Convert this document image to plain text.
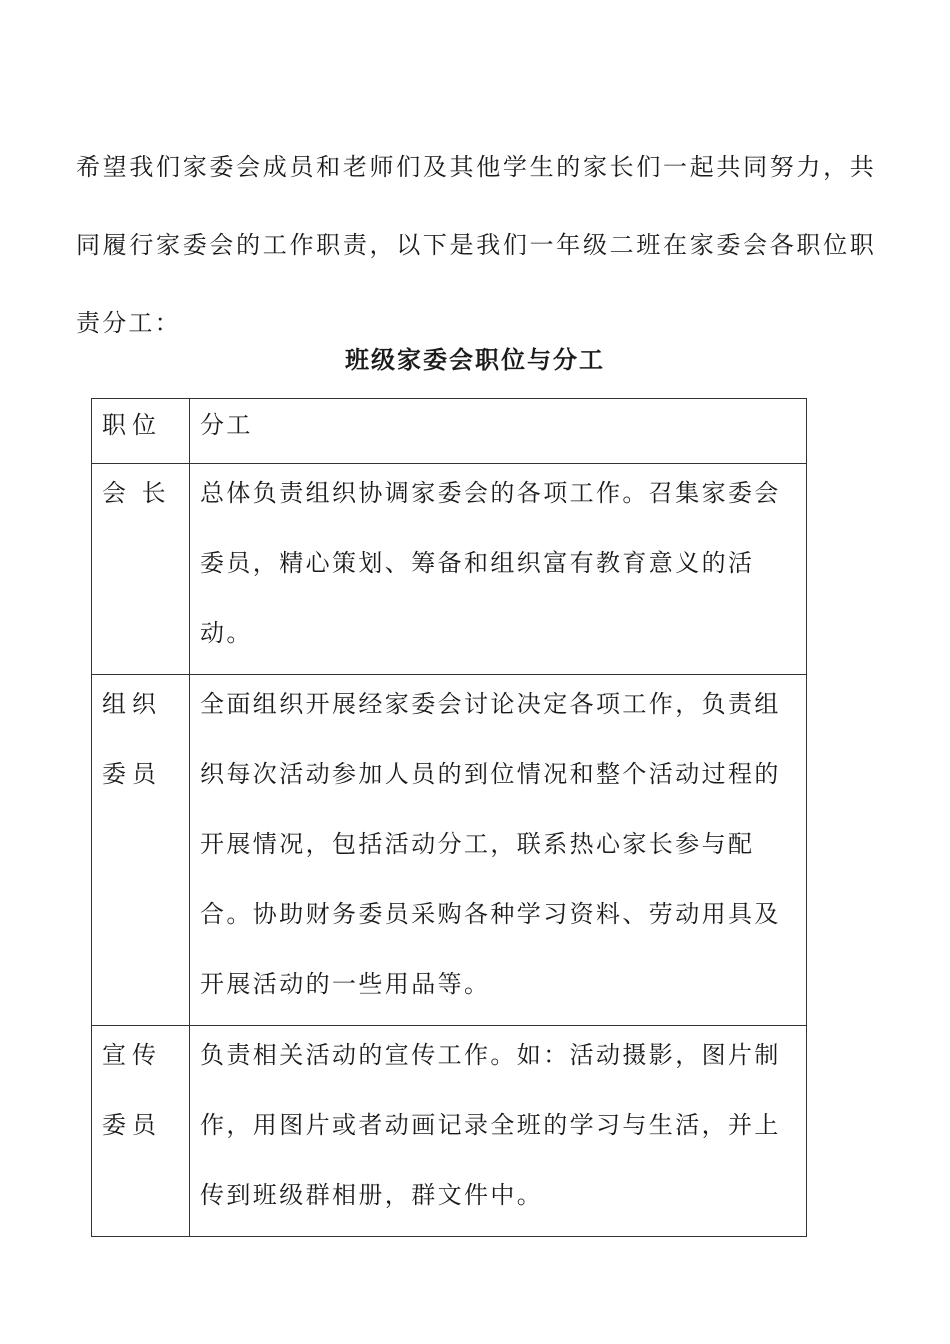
希望我们家委会成员和老师们及其他学生的家长们一起共同努力，共同履行家委会的工作职责，以下是我们一年级二班在家委会各职位职责分工：

班级家委会职位与分工
职位	分工

会 长	总体负责组织协调家委会的各项工作。召集家委会委员，精心策划、筹备和组织富有教育意义的活动。

组织委员	全面组织开展经家委会讨论决定各项工作，负责组织每次活动参加人员的到位情况和整个活动过程的开展情况，包括活动分工，联系热心家长参与配合。协助财务委员采购各种学习资料、劳动用具及开展活动的一些用品等。

宣传委员	负责相关活动的宣传工作。如：活动摄影，图片制作，用图片或者动画记录全班的学习与生活，并上传到班级群相册，群文件中。
